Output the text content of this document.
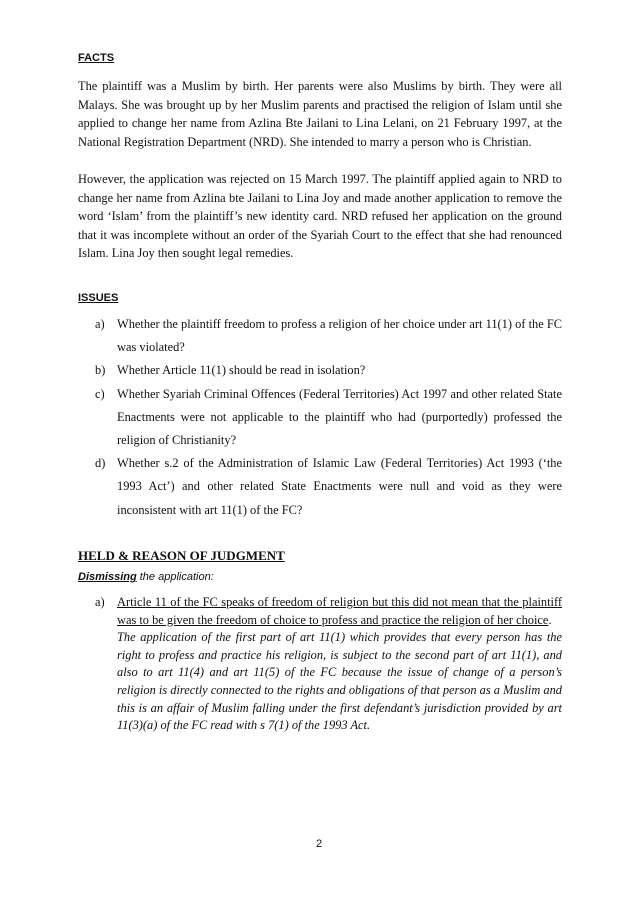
FACTS

The plaintiff was a Muslim by birth. Her parents were also Muslims by birth. They were all Malays. She was brought up by her Muslim parents and practised the religion of Islam until she applied to change her name from Azlina Bte Jailani to Lina Lelani, on 21 February 1997, at the National Registration Department (NRD). She intended to marry a person who is Christian.

However, the application was rejected on 15 March 1997. The plaintiff applied again to NRD to change her name from Azlina bte Jailani to Lina Joy and made another application to remove the word ‘Islam’ from the plaintiff’s new identity card. NRD refused her application on the ground that it was incomplete without an order of the Syariah Court to the effect that she had renounced Islam. Lina Joy then sought legal remedies.

ISSUES
a) Whether the plaintiff freedom to profess a religion of her choice under art 11(1) of the FC was violated?
b) Whether Article 11(1) should be read in isolation?
c) Whether Syariah Criminal Offences (Federal Territories) Act 1997 and other related State Enactments were not applicable to the plaintiff who had (purportedly) professed the religion of Christianity?
d) Whether s.2 of the Administration of Islamic Law (Federal Territories) Act 1993 (‘the 1993 Act’) and other related State Enactments were null and void as they were inconsistent with art 11(1) of the FC?
HELD & REASON OF JUDGMENT
Dismissing the application:
a) Article 11 of the FC speaks of freedom of religion but this did not mean that the plaintiff was to be given the freedom of choice to profess and practice the religion of her choice.
The application of the first part of art 11(1) which provides that every person has the right to profess and practice his religion, is subject to the second part of art 11(1), and also to art 11(4) and art 11(5) of the FC because the issue of change of a person’s religion is directly connected to the rights and obligations of that person as a Muslim and this is an affair of Muslim falling under the first defendant’s jurisdiction provided by art 11(3)(a) of the FC read with s 7(1) of the 1993 Act.
2
